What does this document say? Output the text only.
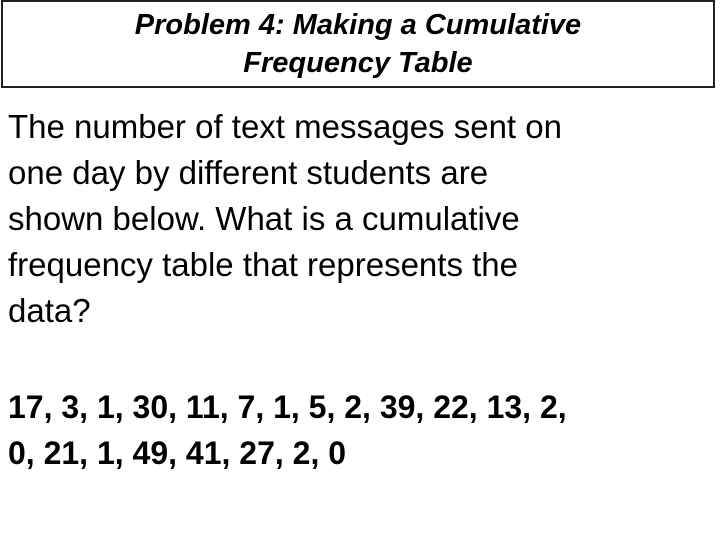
Problem 4: Making a Cumulative
Frequency Table
The number of text messages sent on
one day by different students are
shown below. What is a cumulative
frequency table that represents the
data?
17, 3, 1, 30, 11, 7, 1, 5, 2, 39, 22, 13, 2,
0, 21, 1, 49, 41, 27, 2, 0
